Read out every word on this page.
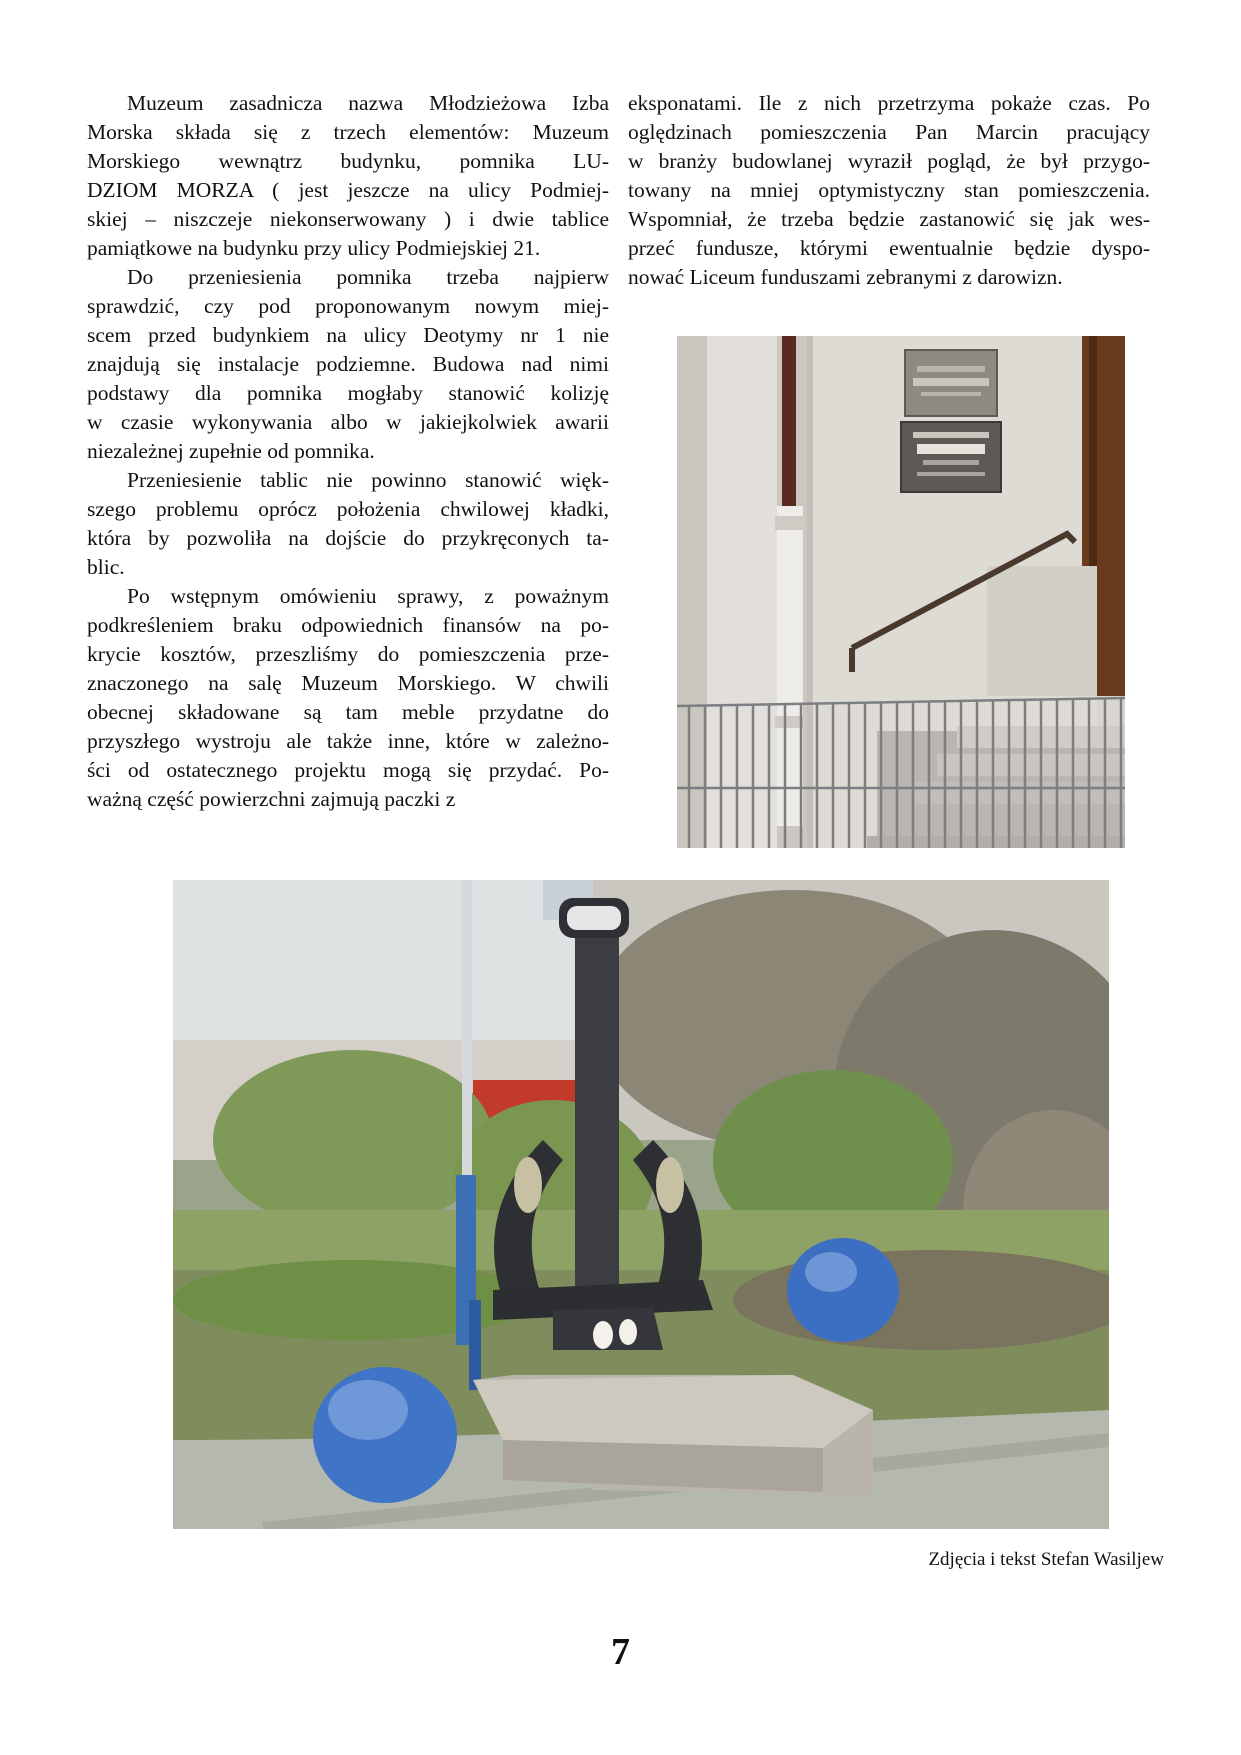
Muzeum zasadnicza nazwa Młodzieżowa Izba
Morska składa się z trzech elementów: Muzeum
Morskiego wewnątrz budynku, pomnika LU-
DZIOM MORZA ( jest jeszcze na ulicy Podmiej-
skiej – niszczeje niekonserwowany ) i dwie tablice
pamiątkowe na budynku przy ulicy Podmiejskiej 21.

Do przeniesienia pomnika trzeba najpierw
sprawdzić, czy pod proponowanym nowym miej-
scem przed budynkiem na ulicy Deotymy nr 1 nie
znajdują się instalacje podziemne. Budowa nad nimi
podstawy dla pomnika mogłaby stanowić kolizję
w czasie wykonywania albo w jakiejkolwiek awarii
niezależnej zupełnie od pomnika.

Przeniesienie tablic nie powinno stanowić więk-
szego problemu oprócz położenia chwilowej kładki,
która by pozwoliła na dojście do przykręconych ta-
blic.

Po wstępnym omówieniu sprawy, z poważnym
podkreśleniem braku odpowiednich finansów na po-
krycie kosztów, przeszliśmy do pomieszczenia prze-
znaczonego na salę Muzeum Morskiego. W chwili
obecnej składowane są tam meble przydatne do
przyszłego wystroju ale także inne, które w zależno-
ści od ostatecznego projektu mogą się przydać. Po-
ważną część powierzchni zajmują paczki z

eksponatami. Ile z nich przetrzyma pokaże czas. Po
oględzinach pomieszczenia Pan Marcin pracujący
w branży budowlanej wyraził pogląd, że był przygo-
towany na mniej optymistyczny stan pomieszczenia.
Wspomniał, że trzeba będzie zastanowić się jak wes-
przeć fundusze, którymi ewentualnie będzie dyspo-
nować Liceum funduszami zebranymi z darowizn.

Zdjęcia i tekst Stefan Wasiljew
7
